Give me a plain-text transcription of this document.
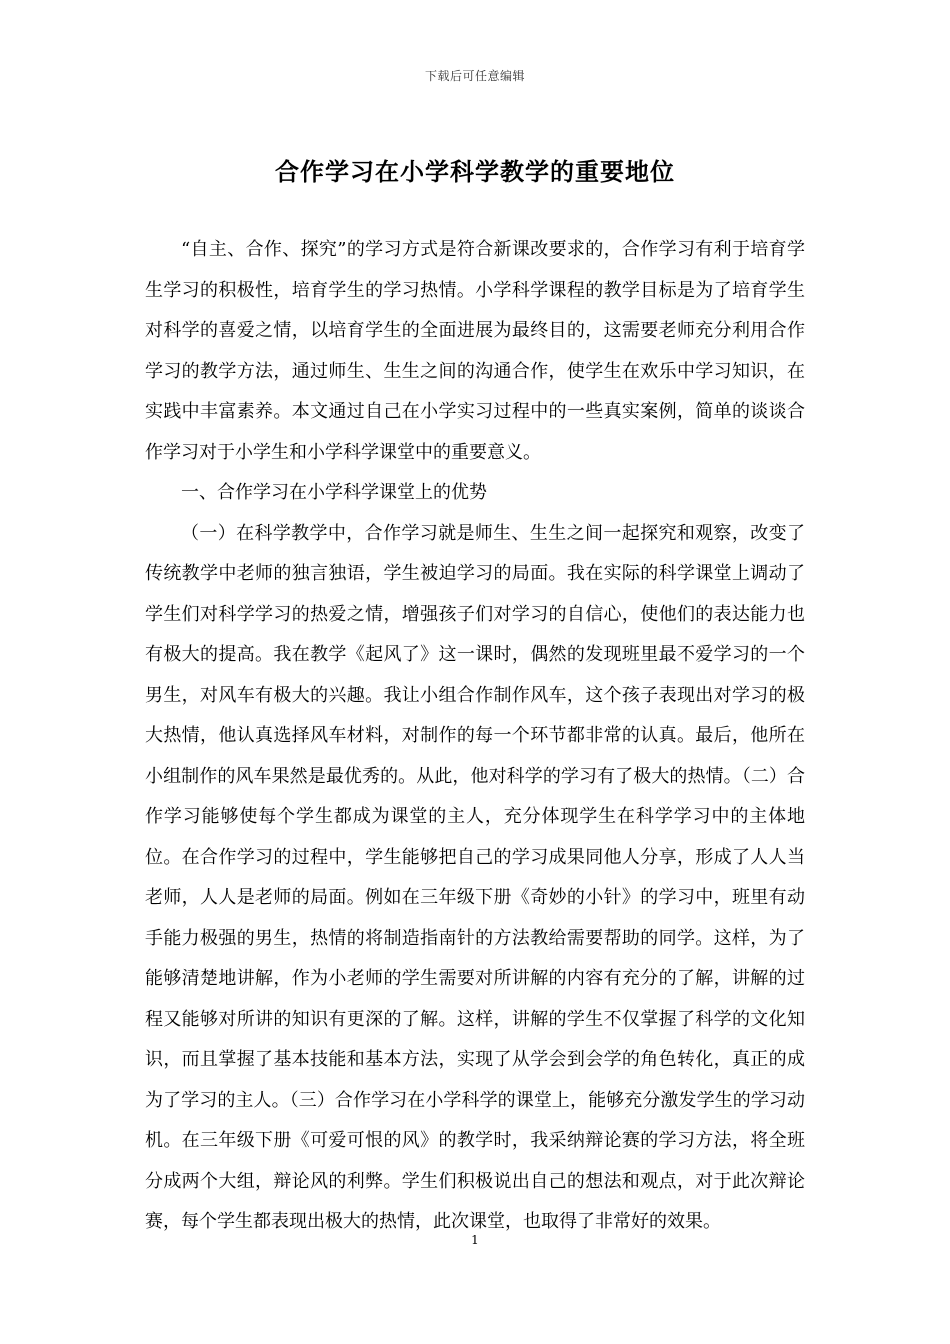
下载后可任意编辑
合作学习在小学科学教学的重要地位

“自主、合作、探究”的学习方式是符合新课改要求的，合作学习有利于培育学生学习的积极性，培育学生的学习热情。小学科学课程的教学目标是为了培育学生对科学的喜爱之情，以培育学生的全面进展为最终目的，这需要老师充分利用合作学习的教学方法，通过师生、生生之间的沟通合作，使学生在欢乐中学习知识，在实践中丰富素养。本文通过自己在小学实习过程中的一些真实案例，简单的谈谈合作学习对于小学生和小学科学课堂中的重要意义。

一、合作学习在小学科学课堂上的优势

（一）在科学教学中，合作学习就是师生、生生之间一起探究和观察，改变了传统教学中老师的独言独语，学生被迫学习的局面。我在实际的科学课堂上调动了学生们对科学学习的热爱之情，增强孩子们对学习的自信心，使他们的表达能力也有极大的提高。我在教学《起风了》这一课时，偶然的发现班里最不爱学习的一个男生，对风车有极大的兴趣。我让小组合作制作风车，这个孩子表现出对学习的极大热情，他认真选择风车材料，对制作的每一个环节都非常的认真。最后，他所在小组制作的风车果然是最优秀的。从此，他对科学的学习有了极大的热情。（二）合作学习能够使每个学生都成为课堂的主人，充分体现学生在科学学习中的主体地位。在合作学习的过程中，学生能够把自己的学习成果同他人分享，形成了人人当老师，人人是老师的局面。例如在三年级下册《奇妙的小针》的学习中，班里有动手能力极强的男生，热情的将制造指南针的方法教给需要帮助的同学。这样，为了能够清楚地讲解，作为小老师的学生需要对所讲解的内容有充分的了解，讲解的过程又能够对所讲的知识有更深的了解。这样，讲解的学生不仅掌握了科学的文化知识，而且掌握了基本技能和基本方法，实现了从学会到会学的角色转化，真正的成为了学习的主人。（三）合作学习在小学科学的课堂上，能够充分激发学生的学习动机。在三年级下册《可爱可恨的风》的教学时，我采纳辩论赛的学习方法，将全班分成两个大组，辩论风的利弊。学生们积极说出自己的想法和观点，对于此次辩论赛，每个学生都表现出极大的热情，此次课堂，也取得了非常好的效果。

1
